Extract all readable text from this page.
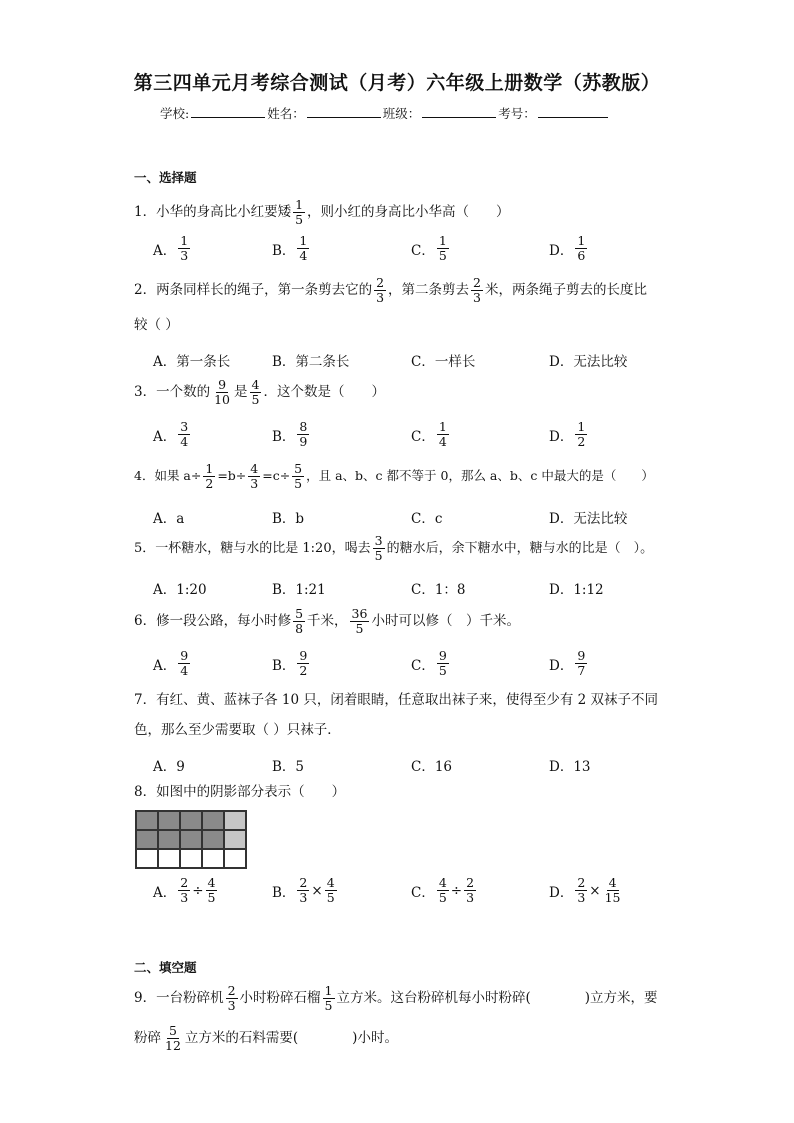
第三四单元月考综合测试（月考）六年级上册数学（苏教版）
学校:	姓名：	班级：	考号：
一、选择题
1．小华的身高比小红要矮 $\frac{1}{5}$ ，则小红的身高比小华高（　　）
A． $\frac{1}{3}$	B． $\frac{1}{4}$	C． $\frac{1}{5}$	D． $\frac{1}{6}$
2．两条同样长的绳子，第一条剪去它的 $\frac{2}{3}$ ，第二条剪去 $\frac{2}{3}$ 米，两条绳子剪去的长度比
较（ ）
A．第一条长	B．第二条长	C．一样长	D．无法比较
3．一个数的 $\frac{9}{10}$ 是 $\frac{4}{5}$ ．这个数是（　　）
A． $\frac{3}{4}$	B． $\frac{8}{9}$	C． $\frac{1}{4}$	D． $\frac{1}{2}$
4．如果 $a\div \frac{1}{2} =b\div \frac{4}{3} =c\div \frac{5}{5}$ ，且 a、b、c 都不等于 0，那么 a、b、c 中最大的是（　　）
A．a	B．b	C．c	D．无法比较
5．一杯糖水，糖与水的比是 1:20，喝去 $\frac{3}{5}$ 的糖水后，余下糖水中，糖与水的比是（　）。
A．1:20	B．1:21	C．1：8	D．1:12
6．修一段公路，每小时修 $\frac{5}{8}$ 千米， $\frac{36}{5}$ 小时可以修（　）千米。
A． $\frac{9}{4}$	B． $\frac{9}{2}$	C． $\frac{9}{5}$	D． $\frac{9}{7}$
7．有红、黄、蓝袜子各 10 只，闭着眼睛，任意取出袜子来，使得至少有 2 双袜子不同
色，那么至少需要取（ ）只袜子．
A．9	B．5	C．16	D．13
8．如图中的阴影部分表示（　　）
A． $\frac{2}{3} \div \frac{4}{5}$	B． $\frac{2}{3} \times \frac{4}{5}$	C． $\frac{4}{5} \div \frac{2}{3}$	D． $\frac{2}{3} \times \frac{4}{15}$
二、填空题
9．一台粉碎机 $\frac{2}{3}$ 小时粉碎石榴 $\frac{1}{5}$ 立方米。这台粉碎机每小时粉碎(　　　　)立方米，要
粉碎 $\frac{5}{12}$ 立方米的石料需要(　　　　)小时。
